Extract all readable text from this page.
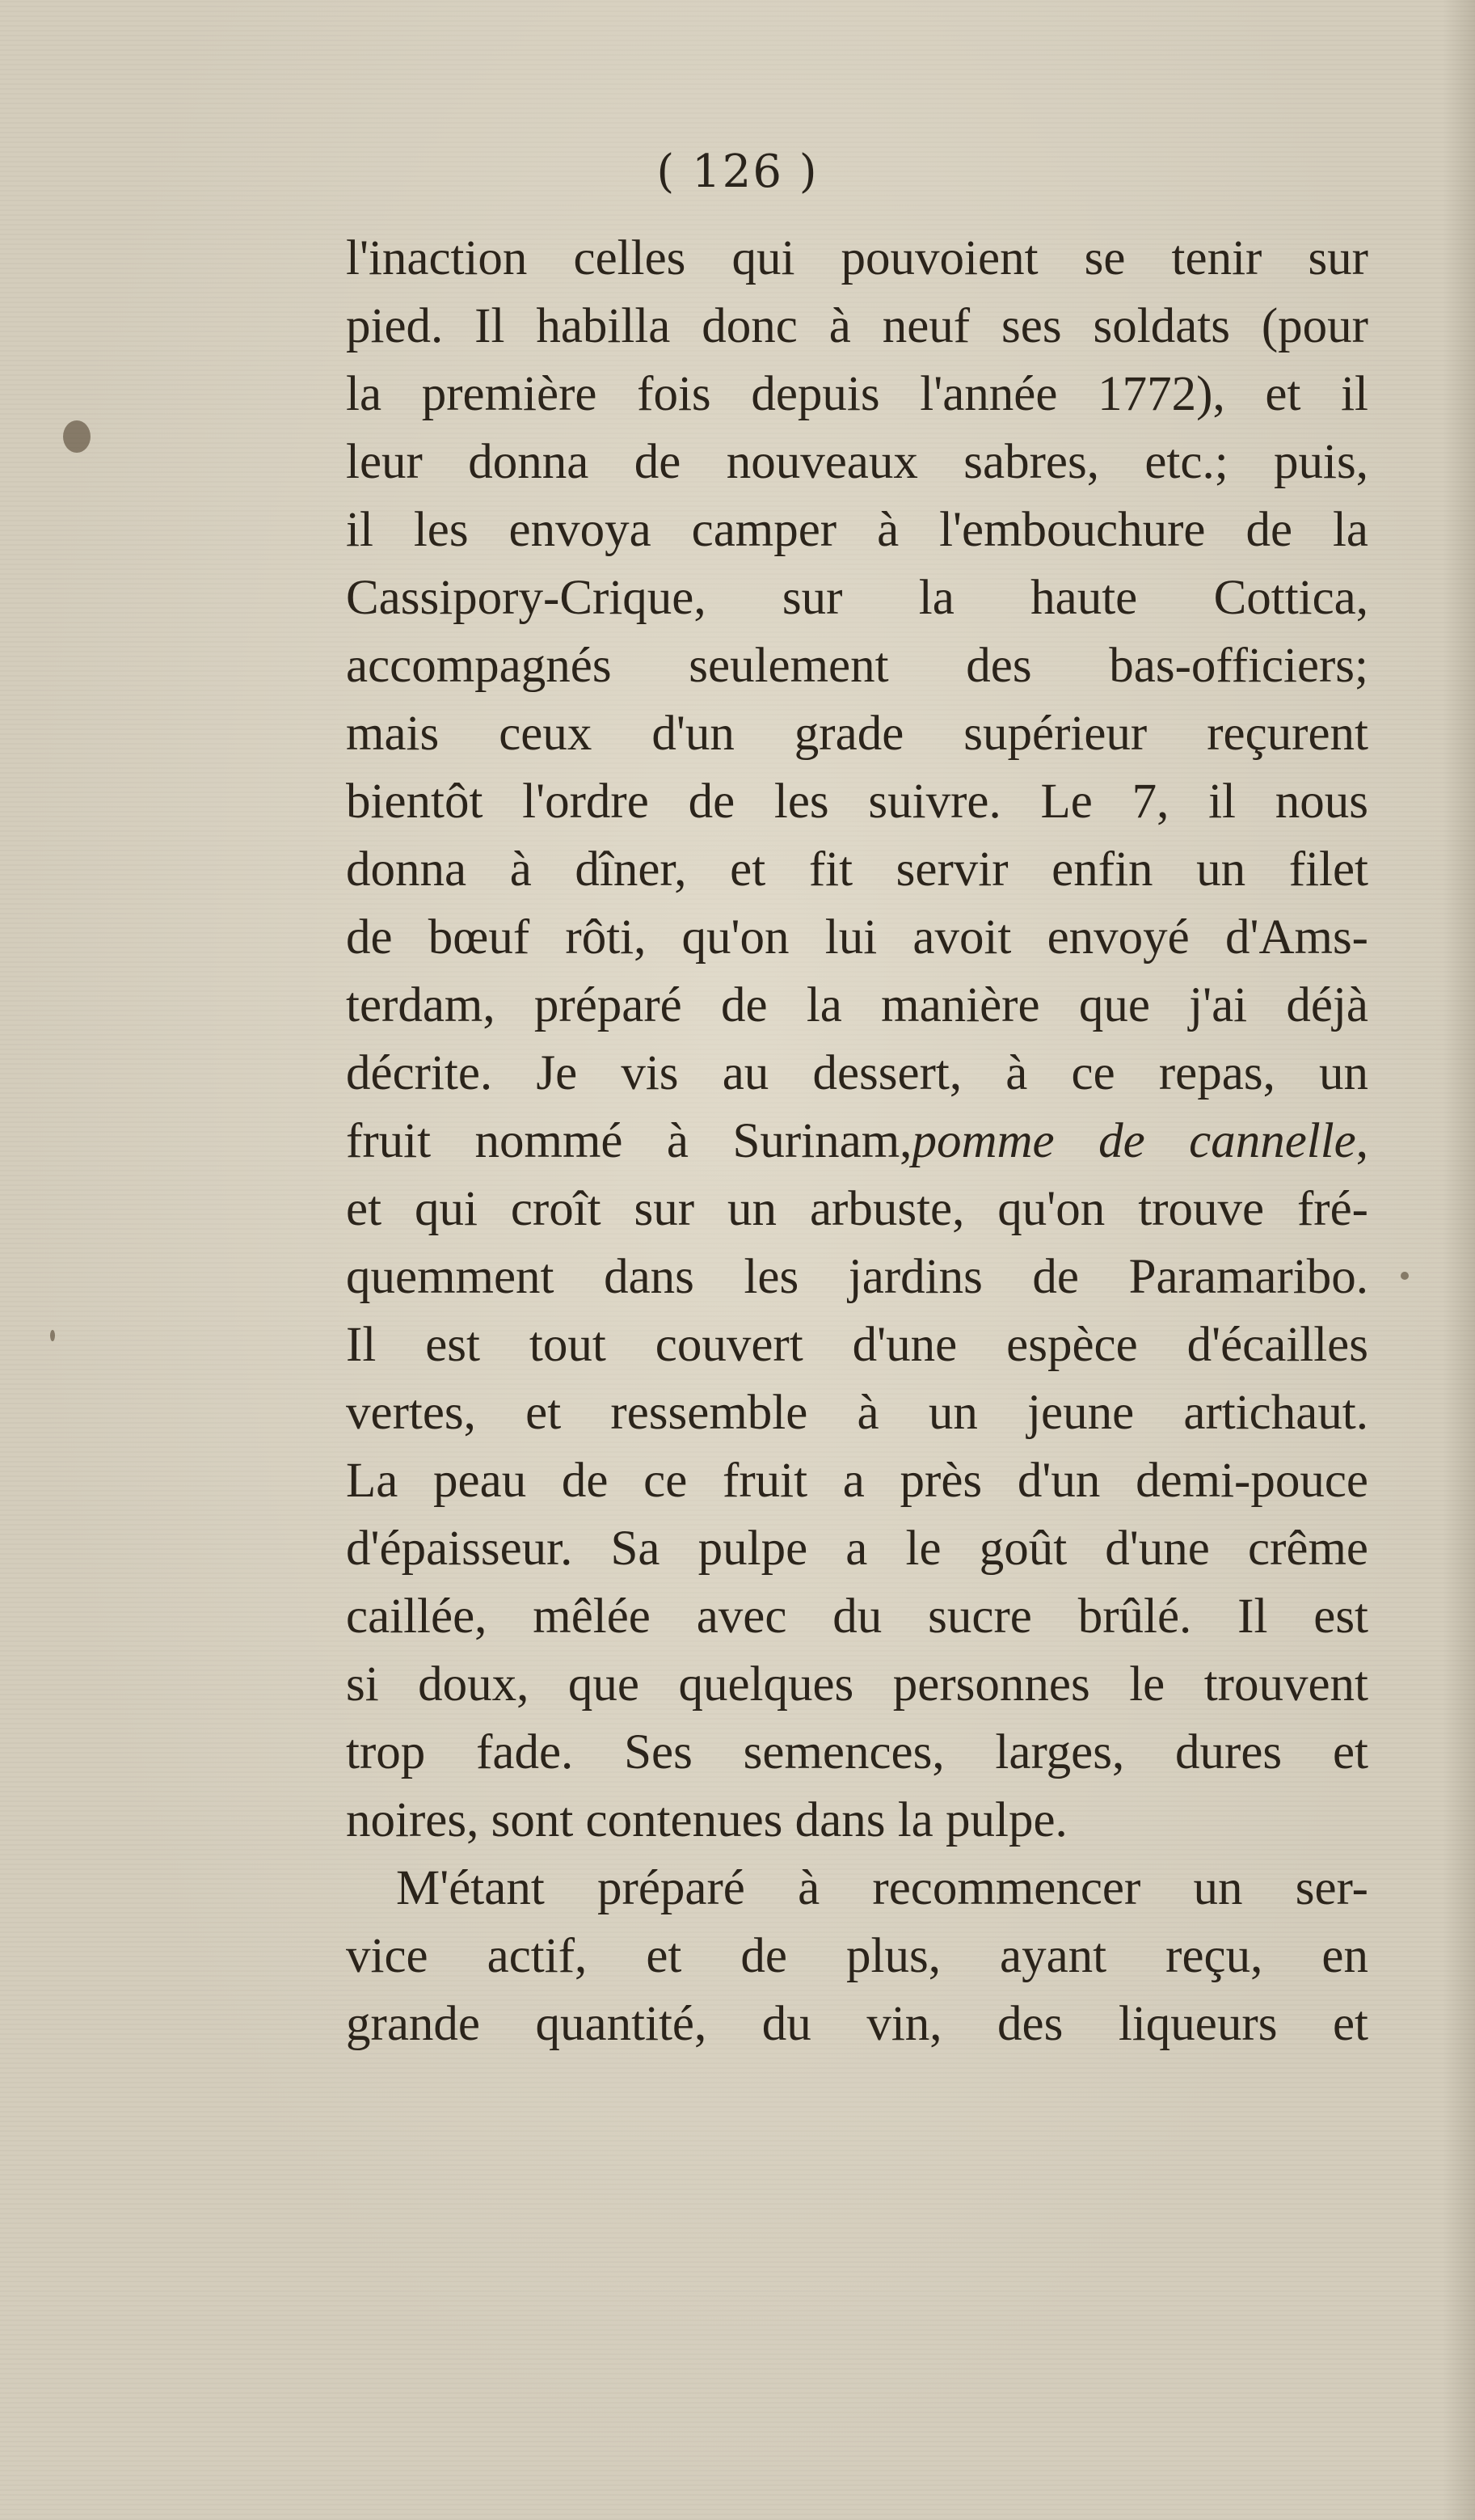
( 126 )
l'inaction celles qui pouvoient se tenir sur
pied. Il habilla donc à neuf ses soldats (pour
la première fois depuis l'année 1772), et il
leur donna de nouveaux sabres, etc.; puis,
il les envoya camper à l'embouchure de la
Cassipory-Crique, sur la haute Cottica,
accompagnés seulement des bas-officiers;
mais ceux d'un grade supérieur reçurent
bientôt l'ordre de les suivre. Le 7, il nous
donna à dîner, et fit servir enfin un filet
de bœuf rôti, qu'on lui avoit envoyé d'Ams-
terdam, préparé de la manière que j'ai déjà
décrite. Je vis au dessert, à ce repas, un
fruit nommé à Surinam,pomme de cannelle,
et qui croît sur un arbuste, qu'on trouve fré-
quemment dans les jardins de Paramaribo.
Il est tout couvert d'une espèce d'écailles
vertes, et ressemble à un jeune artichaut.
La peau de ce fruit a près d'un demi-pouce
d'épaisseur. Sa pulpe a le goût d'une crême
caillée, mêlée avec du sucre brûlé. Il est
si doux, que quelques personnes le trouvent
trop fade. Ses semences, larges, dures et
noires, sont contenues dans la pulpe.
M'étant préparé à recommencer un ser-
vice actif, et de plus, ayant reçu, en
grande quantité, du vin, des liqueurs et
